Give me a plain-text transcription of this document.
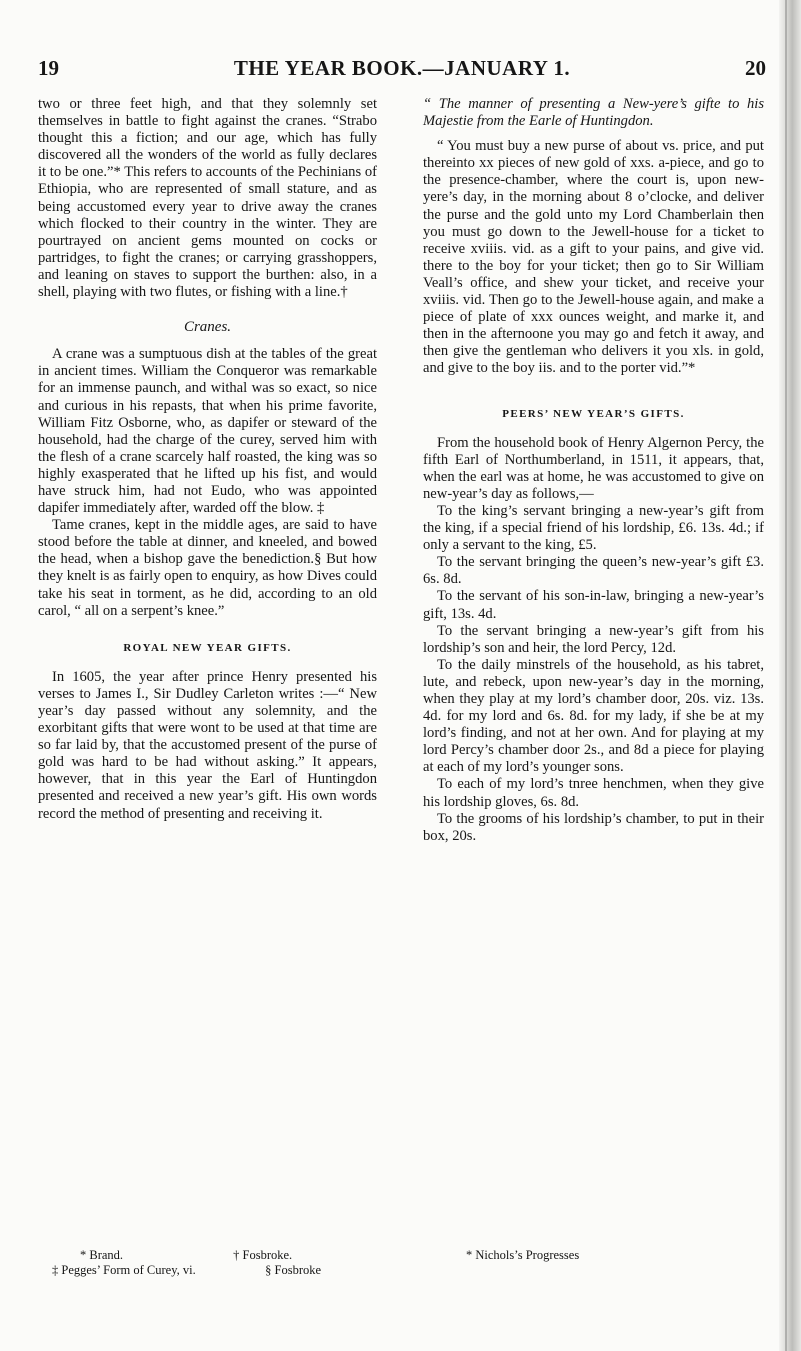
19	THE YEAR BOOK.—JANUARY 1.	20

two or three feet high, and that they solemnly set themselves in battle to fight against the cranes. “Strabo thought this a fiction; and our age, which has fully discovered all the wonders of the world as fully declares it to be one.”* This refers to accounts of the Pechinians of Ethiopia, who are represented of small stature, and as being accustomed every year to drive away the cranes which flocked to their country in the winter. They are pourtrayed on ancient gems mounted on cocks or partridges, to fight the cranes; or carrying grasshoppers, and leaning on staves to support the burthen: also, in a shell, playing with two flutes, or fishing with a line.†

Cranes.

A crane was a sumptuous dish at the tables of the great in ancient times. William the Conqueror was remarkable for an immense paunch, and withal was so exact, so nice and curious in his repasts, that when his prime favorite, William Fitz Osborne, who, as dapifer or steward of the household, had the charge of the curey, served him with the flesh of a crane scarcely half roasted, the king was so highly exasperated that he lifted up his fist, and would have struck him, had not Eudo, who was appointed dapifer immediately after, warded off the blow. ‡

Tame cranes, kept in the middle ages, are said to have stood before the table at dinner, and kneeled, and bowed the head, when a bishop gave the benediction.§ But how they knelt is as fairly open to enquiry, as how Dives could take his seat in torment, as he did, according to an old carol, “ all on a serpent’s knee.”

ROYAL NEW YEAR GIFTS.

In 1605, the year after prince Henry presented his verses to James I., Sir Dudley Carleton writes :—“ New year’s day passed without any solemnity, and the exorbitant gifts that were wont to be used at that time are so far laid by, that the accustomed present of the purse of gold was hard to be had without asking.” It appears, however, that in this year the Earl of Huntingdon presented and received a new year’s gift. His own words record the method of presenting and receiving it.

“ The manner of presenting a New-yere’s gifte to his Majestie from the Earle of Huntingdon.

“ You must buy a new purse of about vs. price, and put thereinto xx pieces of new gold of xxs. a-piece, and go to the presence-chamber, where the court is, upon new-yere’s day, in the morning about 8 o’clocke, and deliver the purse and the gold unto my Lord Chamberlain then you must go down to the Jewell-house for a ticket to receive xviiis. vid. as a gift to your pains, and give vid. there to the boy for your ticket; then go to Sir William Veall’s office, and shew your ticket, and receive your xviiis. vid. Then go to the Jewell-house again, and make a piece of plate of xxx ounces weight, and marke it, and then in the afternoone you may go and fetch it away, and then give the gentleman who delivers it you xls. in gold, and give to the boy iis. and to the porter vid.”*

PEERS’ NEW YEAR’S GIFTS.

From the household book of Henry Algernon Percy, the fifth Earl of Northumberland, in 1511, it appears, that, when the earl was at home, he was accustomed to give on new-year’s day as follows,—

To the king’s servant bringing a new-year’s gift from the king, if a special friend of his lordship, £6. 13s. 4d.; if only a servant to the king, £5.

To the servant bringing the queen’s new-year’s gift £3. 6s. 8d.

To the servant of his son-in-law, bringing a new-year’s gift, 13s. 4d.

To the servant bringing a new-year’s gift from his lordship’s son and heir, the lord Percy, 12d.

To the daily minstrels of the household, as his tabret, lute, and rebeck, upon new-year’s day in the morning, when they play at my lord’s chamber door, 20s. viz. 13s. 4d. for my lord and 6s. 8d. for my lady, if she be at my lord’s finding, and not at her own. And for playing at my lord Percy’s chamber door 2s., and 8d a piece for playing at each of my lord’s younger sons.

To each of my lord’s tnree henchmen, when they give his lordship gloves, 6s. 8d.

To the grooms of his lordship’s chamber, to put in their box, 20s.

* Brand.	† Fosbroke.
‡ Pegges’ Form of Curey, vi.	§ Fosbroke
* Nichols’s Progresses
